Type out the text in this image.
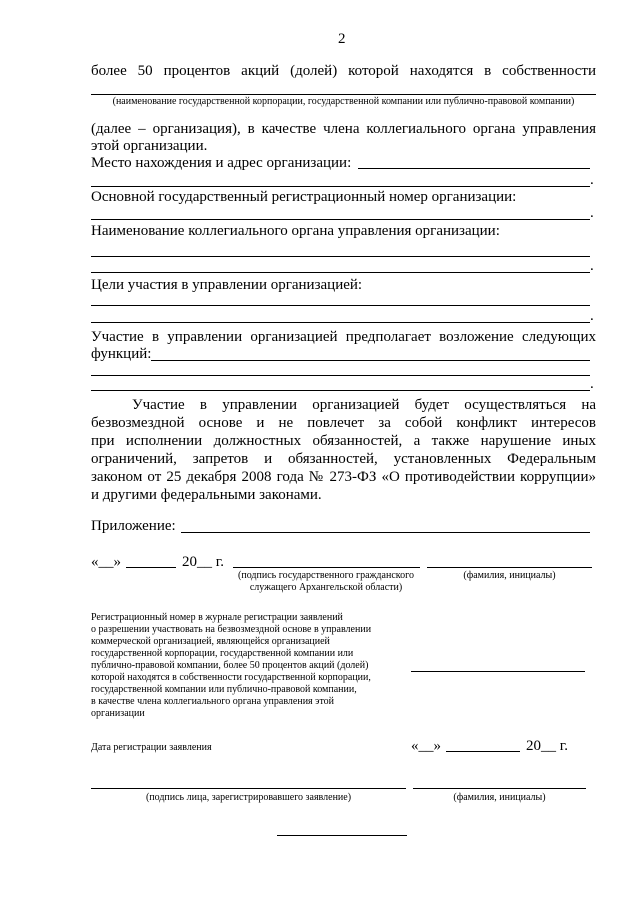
2
более 50 процентов акций (долей) которой находятся в собственности
(наименование государственной корпорации, государственной компании или публично-правовой компании)
(далее – организация), в качестве члена коллегиального органа управления
этой организации.
Место нахождения и адрес организации:
.
Основной государственный регистрационный номер организации:
.
Наименование коллегиального органа управления организации:
.
Цели участия в управлении организацией:
.
Участие в управлении организацией предполагает возложение следующих
функций:
.
Участие в управлении организацией будет осуществляться на
безвозмездной основе и не повлечет за собой конфликт интересов
при исполнении должностных обязанностей, а также нарушение иных
ограничений, запретов и обязанностей, установленных Федеральным
законом от 25 декабря 2008 года № 273-ФЗ «О противодействии коррупции»
и другими федеральными законами.
Приложение:
«__»	20__ г.
(подпись государственного гражданского
служащего Архангельской области)
(фамилия, инициалы)
Регистрационный номер в журнале регистрации заявлений
о разрешении участвовать на безвозмездной основе в управлении
коммерческой организацией, являющейся организацией
государственной корпорации, государственной компании или
публично-правовой компании, более 50 процентов акций (долей)
которой находятся в собственности государственной корпорации,
государственной компании или публично-правовой компании,
в качестве члена коллегиального органа управления этой
организации
Дата регистрации заявления	«__»	20__ г.
(подпись лица, зарегистрировавшего заявление)	(фамилия, инициалы)
